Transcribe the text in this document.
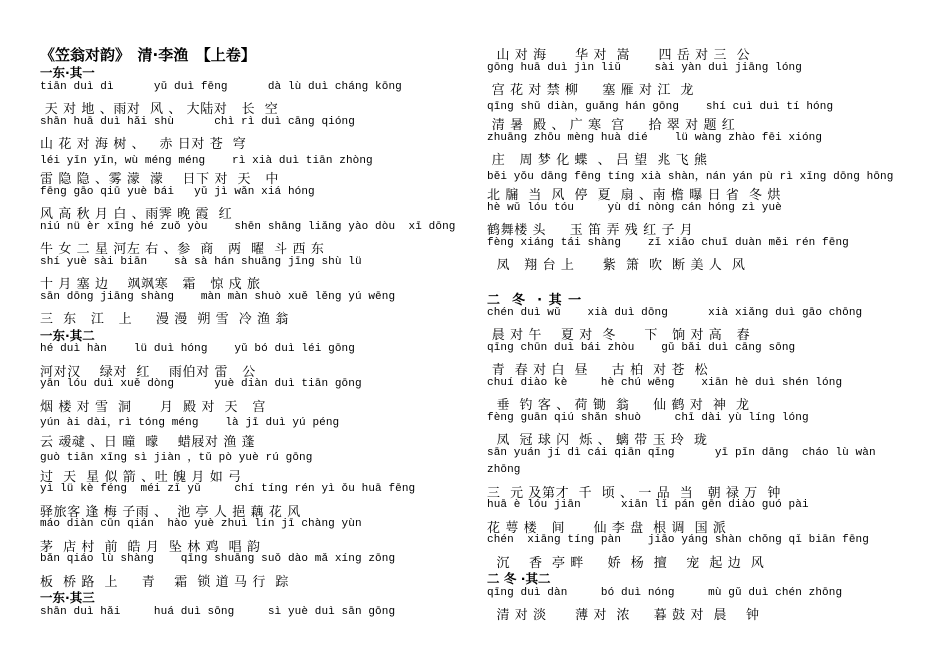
《笠翁对韵》　清·李渔　【上卷】
一东·其一
tiān duì dì      yǔ duì fēng      dà lù duì cháng kōng
天 对 地 、雨对  风 、 大陆对   长  空
shān huā duì hǎi shù      chì rì duì cāng qióng
山 花 对 海 树 、   赤 日对 苍  穹
léi yǐn yǐn，wù méng méng    rì xià duì tiān zhòng
雷 隐 隐 、雾 濛  濛    日下 对  天   中
fēng gāo qiū yuè bái   yǔ jì wǎn xiá hóng
风 高 秋 月 白 、雨霁 晚 霞  红
niú nǚ èr xīng hé zuǒ yòu    shēn shāng liǎng yào dòu  xī dōng
牛 女 二 星 河左 右 、参  商   两  曜  斗 西 东
shí yuè sài biān    sà sà hán shuāng jīng shù lǚ
十 月 塞 边    飒飒寒   霜   惊 戍 旅
sān dōng jiāng shàng    màn màn shuò xuě lěng yú wēng
三  东   江   上     漫 漫  朔 雪  冷 渔 翁
一东·其二
hé duì hàn    lǜ duì hóng    yǔ bó duì léi gōng
河对汉    绿对  红    雨伯对 雷   公
yān lóu duì xuě dòng      yuè diàn duì tiān gōng
烟 楼 对 雪  洞      月  殿 对  天   宫
yún ài dài，rì tóng méng    là jī duì yú péng
云 叆叇 、日 曈  曚    蜡屐对 渔 蓬
guò tiān xīng sì jiàn ，tǔ pò yuè rú gōng
过  天  星 似 箭 、吐 魄 月 如 弓
yì lǚ kè féng  méi zǐ yǔ     chí tíng rén yì ǒu huā fēng
驿旅客 逢 梅 子雨 、  池 亭 人 挹 藕 花 风
máo diàn cūn qián  hào yuè zhuì lín jī chàng yùn
茅  店 村  前  皓 月  坠 林 鸡  唱 韵
bǎn qiáo lù shàng    qīng shuāng suǒ dào mǎ xíng zōng
板  桥 路  上     青    霜  锁 道 马 行  踪
一东·其三
shān duì hǎi     huá duì sōng     sì yuè duì sān gōng
山 对 海      华 对  嵩      四 岳 对 三  公
gōng huā duì jìn liǔ     sài yàn duì jiāng lóng
宫 花 对 禁 柳     塞 雁 对 江  龙
qīng shǔ diàn，guǎng hán gōng    shí cuì duì tí hóng
清 暑  殿 、 广 寒  宫     拾 翠 对 题 红
zhuāng zhōu mèng huà dié    lǚ wàng zhào fēi xióng
庄   周 梦 化 蝶  、 吕 望  兆 飞 熊
běi yǒu dāng fēng tíng xià shàn，nán yán pù rì xǐng dōng hōng
北 牖  当  风  停  夏  扇 、南 檐 曝 日 省  冬 烘
hè wǔ lóu tóu     yù dí nòng cán hóng zì yuè
鹤舞楼 头     玉 笛 弄 残 红 子 月
fèng xiáng tái shàng    zǐ xiāo chuī duàn měi rén fēng
凤   翔 台 上      紫  箫  吹  断 美 人  风
二  冬  · 其 一
chén duì wǔ    xià duì dōng      xià xiǎng duì gāo chōng
晨 对 午    夏 对  冬      下   饷 对 高   舂
qīng chūn duì bái zhòu    gǔ bǎi duì cāng sōng
青  春 对 白  昼     古 柏  对 苍  松
chuí diào kè     hè chú wēng    xiān hè duì shén lóng
垂  钓 客 、 荷 锄  翁     仙 鹤 对  神  龙
fèng guān qiú shǎn shuò     chī dài yù líng lóng
凤  冠 球 闪  烁 、 螭 带 玉 玲  珑
sān yuán jí dì cái qiān qǐng      yī pǐn dāng  cháo lù wàn
zhōng
三  元 及第才  千  顷 、 一 品  当   朝 禄 万  钟
huā è lóu jiān      xiān lǐ pán gēn diào guó pài
花 萼 楼   间      仙 李 盘  根 调  国 派
chén  xiāng tíng pàn    jiāo yáng shàn chǒng qǐ biān fēng
沉    香  亭 畔     娇  杨  擅    宠  起 边  风
二 冬 ·其二
qīng duì dàn     bó duì nóng     mù gǔ duì chén zhōng
清 对 淡      薄 对  浓     暮 鼓 对  晨    钟
